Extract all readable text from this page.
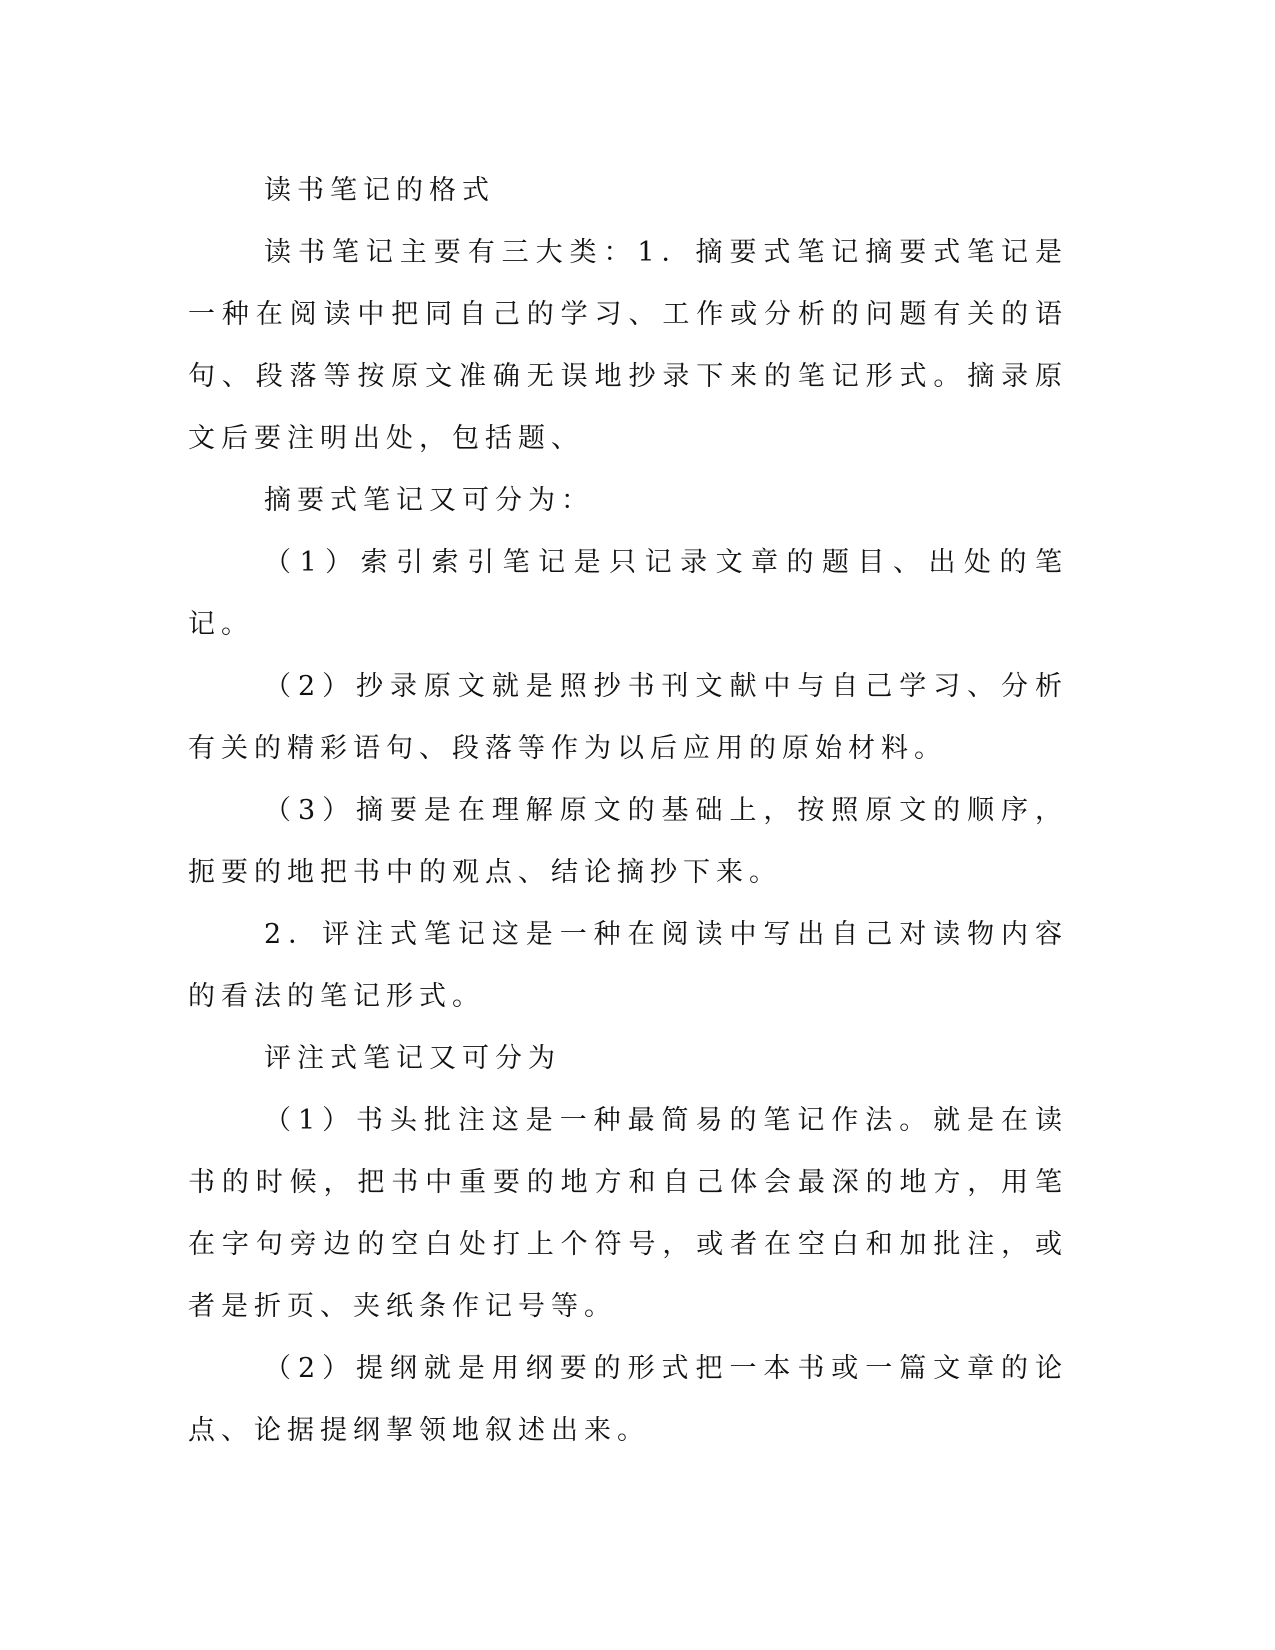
读书笔记的格式

读书笔记主要有三大类：1．摘要式笔记摘要式笔记是一种在阅读中把同自己的学习、工作或分析的问题有关的语句、段落等按原文准确无误地抄录下来的笔记形式。摘录原文后要注明出处，包括题、

摘要式笔记又可分为：

（1）索引索引笔记是只记录文章的题目、出处的笔记。

（2）抄录原文就是照抄书刊文献中与自己学习、分析有关的精彩语句、段落等作为以后应用的原始材料。

（3）摘要是在理解原文的基础上，按照原文的顺序，扼要的地把书中的观点、结论摘抄下来。

2．评注式笔记这是一种在阅读中写出自己对读物内容的看法的笔记形式。

评注式笔记又可分为

（1）书头批注这是一种最简易的笔记作法。就是在读书的时候，把书中重要的地方和自己体会最深的地方，用笔在字句旁边的空白处打上个符号，或者在空白和加批注，或者是折页、夹纸条作记号等。

（2）提纲就是用纲要的形式把一本书或一篇文章的论点、论据提纲挈领地叙述出来。
